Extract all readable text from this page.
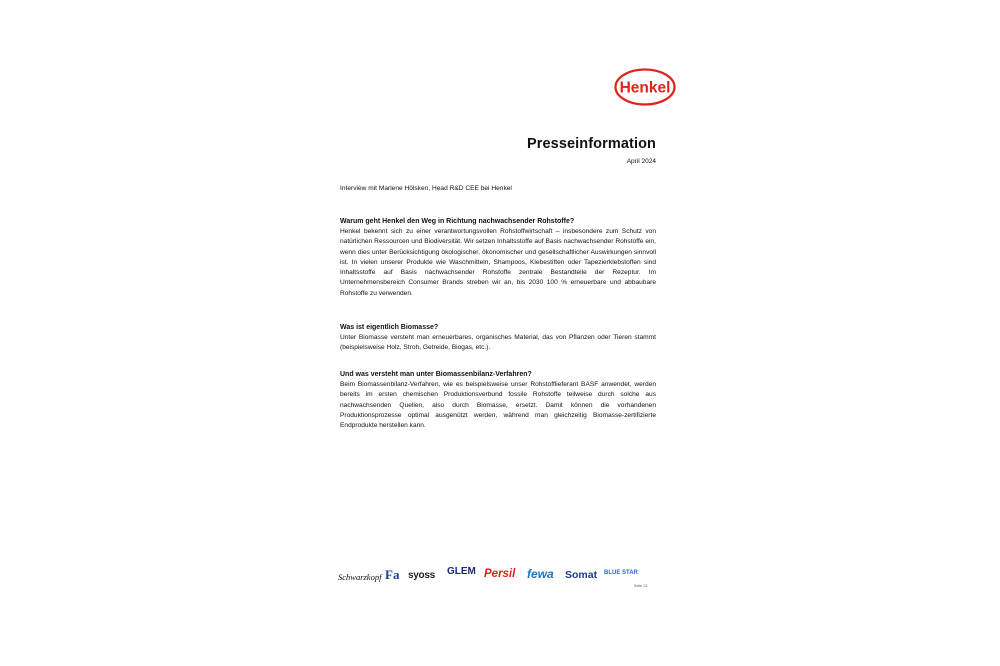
Henkel
Presseinformation
April 2024
Interview mit Marlene Hölsken, Head R&D CEE bei Henkel
Warum geht Henkel den Weg in Richtung nachwachsender Rohstoffe?

Henkel bekennt sich zu einer verantwortungsvollen Rohstoffwirtschaft – insbesondere zum Schutz von natürlichen Ressourcen und Biodiversität. Wir setzen Inhaltsstoffe auf Basis nachwachsender Rohstoffe ein, wenn dies unter Berücksichtigung ökologischer, ökonomischer und gesellschaftlicher Auswirkungen sinnvoll ist. In vielen unserer Produkte wie Waschmitteln, Shampoos, Klebestiften oder Tapezierklebstoffen sind Inhaltsstoffe auf Basis nachwachsender Rohstoffe zentrale Bestandteile der Rezeptur. Im Unternehmensbereich Consumer Brands streben wir an, bis 2030 100 % erneuerbare und abbaubare Rohstoffe zu verwenden.

Was ist eigentlich Biomasse?

Unter Biomasse versteht man erneuerbares, organisches Material, das von Pflanzen oder Tieren stammt (beispielsweise Holz, Stroh, Getreide, Biogas, etc.).

Und was versteht man unter Biomassenbilanz-Verfahren?

Beim Biomassenbilanz-Verfahren, wie es beispielsweise unser Rohstofflieferant BASF anwendet, werden bereits im ersten chemischen Produktionsverbund fossile Rohstoffe teilweise durch solche aus nachwachsenden Quellen, also durch Biomasse, ersetzt. Damit können die vorhandenen Produktionsprozesse optimal ausgenützt werden, während man gleichzeitig Biomasse-zertifizierte Endprodukte herstellen kann.

Schwarzkopf Fa syoss GLEM Persil fewa Somat BLUE STAR
Seite 1/1
